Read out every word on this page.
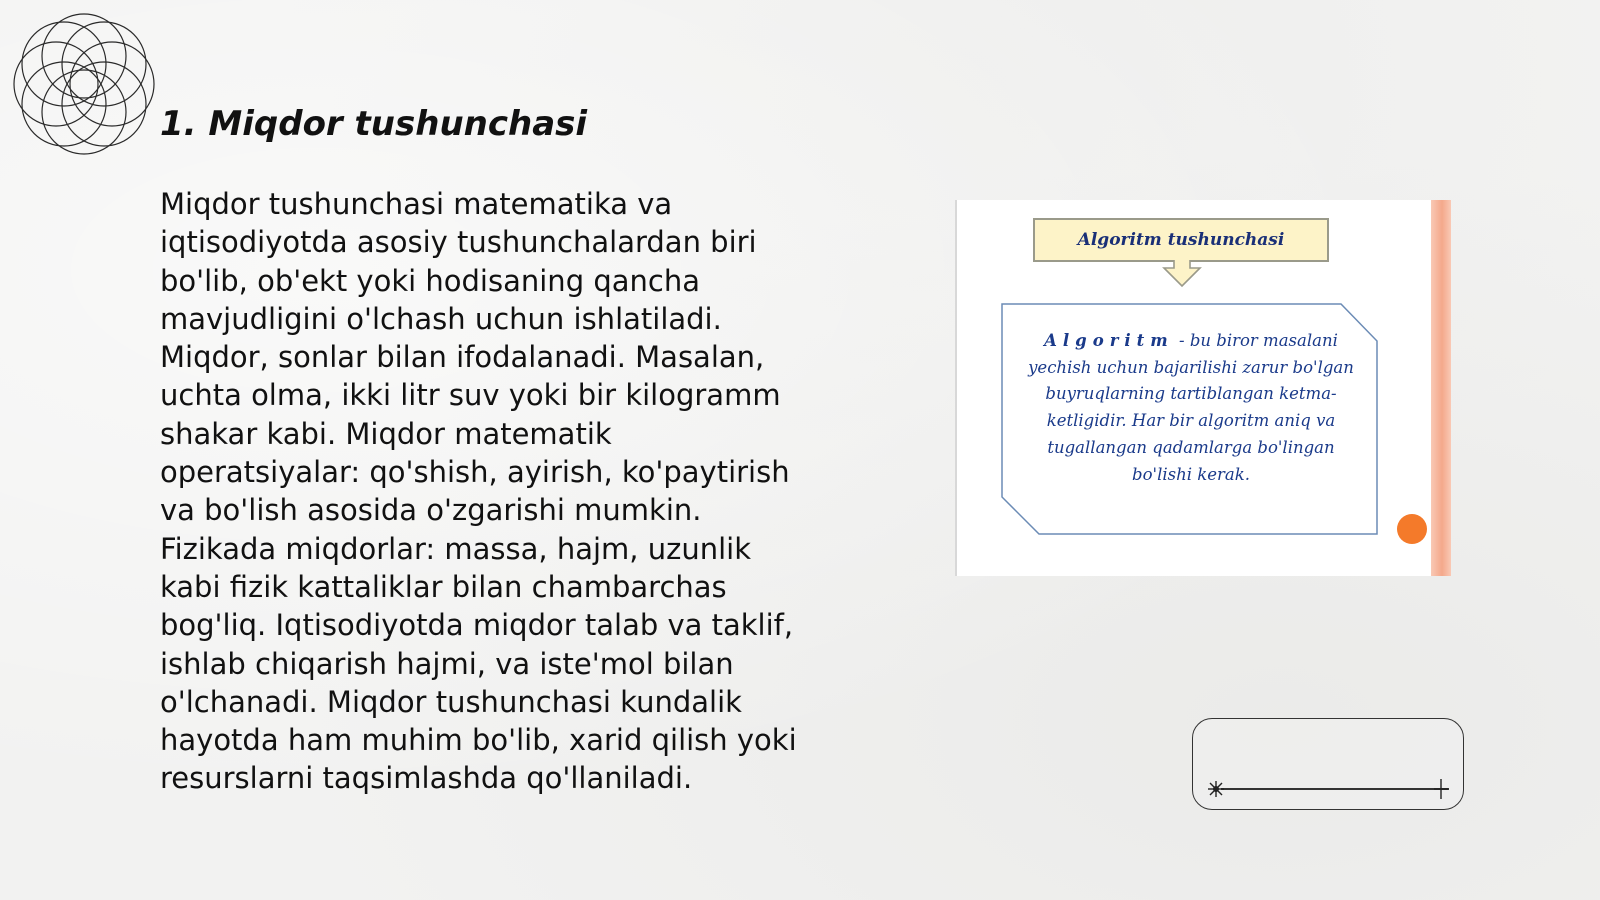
1. Miqdor tushunchasi

Miqdor tushunchasi matematika va iqtisodiyotda asosiy tushunchalardan biri bo'lib, ob'ekt yoki hodisaning qancha mavjudligini o'lchash uchun ishlatiladi. Miqdor, sonlar bilan ifodalanadi. Masalan, uchta olma, ikki litr suv yoki bir kilogramm shakar kabi. Miqdor matematik operatsiyalar: qo'shish, ayirish, ko'paytirish va bo'lish asosida o'zgarishi mumkin. Fizikada miqdorlar: massa, hajm, uzunlik kabi fizik kattaliklar bilan chambarchas bog'liq. Iqtisodiyotda miqdor talab va taklif, ishlab chiqarish hajmi, va iste'mol bilan o'lchanadi. Miqdor tushunchasi kundalik hayotda ham muhim bo'lib, xarid qilish yoki resurslarni taqsimlashda qo'llaniladi.

Algoritm tushunchasi
Algoritm - bu biror masalani yechish uchun bajarilishi zarur bo'lgan buyruqlarning tartiblangan ketma-ketligidir. Har bir algoritm aniq va tugallangan qadamlarga bo'lingan bo'lishi kerak.
